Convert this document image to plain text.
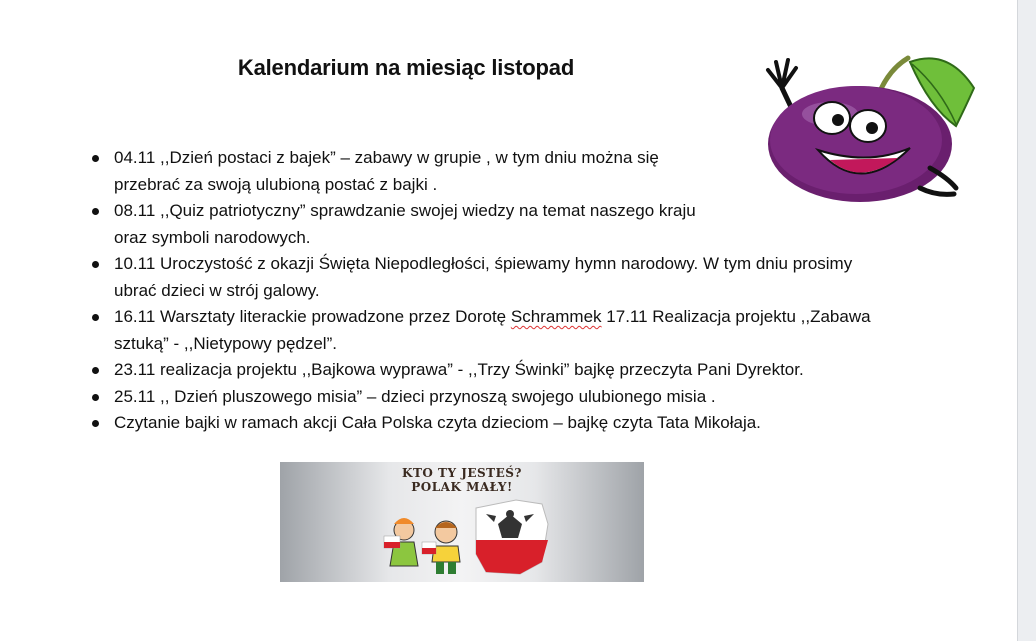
Kalendarium na miesiąc listopad
04.11 ,,Dzień postaci z bajek” – zabawy w grupie , w tym dniu można się
przebrać za swoją ulubioną postać z bajki .
08.11 ,,Quiz patriotyczny” sprawdzanie swojej wiedzy na temat naszego kraju
oraz symboli narodowych.
10.11 Uroczystość z okazji Święta Niepodległości, śpiewamy hymn narodowy. W tym dniu prosimy
ubrać dzieci w strój galowy.
16.11 Warsztaty literackie prowadzone przez Dorotę Schrammek 17.11 Realizacja projektu ,,Zabawa
sztuką” - ,,Nietypowy pędzel”.
23.11 realizacja projektu ,,Bajkowa wyprawa” - ,,Trzy Świnki” bajkę przeczyta Pani Dyrektor.
25.11 ,, Dzień pluszowego misia” – dzieci przynoszą swojego ulubionego misia .
Czytanie bajki w ramach akcji Cała Polska czyta dzieciom – bajkę czyta Tata Mikołaja.
KTO TY JESTEŚ?
POLAK MAŁY!
